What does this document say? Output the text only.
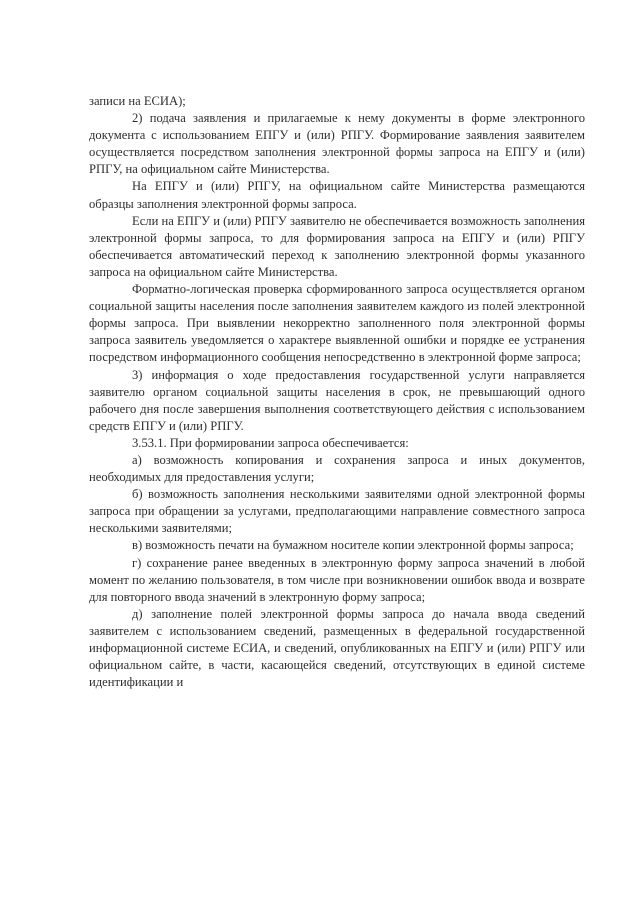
записи на ЕСИА);

2) подача заявления и прилагаемые к нему документы в форме электронного документа с использованием ЕПГУ и (или) РПГУ. Формирование заявления заявителем осуществляется посредством заполнения электронной формы запроса на ЕПГУ и (или) РПГУ, на официальном сайте Министерства.

На ЕПГУ и (или) РПГУ, на официальном сайте Министерства размещаются образцы заполнения электронной формы запроса.

Если на ЕПГУ и (или) РПГУ заявителю не обеспечивается возможность заполнения электронной формы запроса, то для формирования запроса на ЕПГУ и (или) РПГУ обеспечивается автоматический переход к заполнению электронной формы указанного запроса на официальном сайте Министерства.

Форматно-логическая проверка сформированного запроса осуществляется органом социальной защиты населения после заполнения заявителем каждого из полей электронной формы запроса. При выявлении некорректно заполненного поля электронной формы запроса заявитель уведомляется о характере выявленной ошибки и порядке ее устранения посредством информационного сообщения непосредственно в электронной форме запроса;

3) информация о ходе предоставления государственной услуги направляется заявителю органом социальной защиты населения в срок, не превышающий одного рабочего дня после завершения выполнения соответствующего действия с использованием средств ЕПГУ и (или) РПГУ.

3.53.1. При формировании запроса обеспечивается:

а) возможность копирования и сохранения запроса и иных документов, необходимых для предоставления услуги;

б) возможность заполнения несколькими заявителями одной электронной формы запроса при обращении за услугами, предполагающими направление совместного запроса несколькими заявителями;

в) возможность печати на бумажном носителе копии электронной формы запроса;

г) сохранение ранее введенных в электронную форму запроса значений в любой момент по желанию пользователя, в том числе при возникновении ошибок ввода и возврате для повторного ввода значений в электронную форму запроса;

д) заполнение полей электронной формы запроса до начала ввода сведений заявителем с использованием сведений, размещенных в федеральной государственной информационной системе ЕСИА, и сведений, опубликованных на ЕПГУ и (или) РПГУ или официальном сайте, в части, касающейся сведений, отсутствующих в единой системе идентификации и
